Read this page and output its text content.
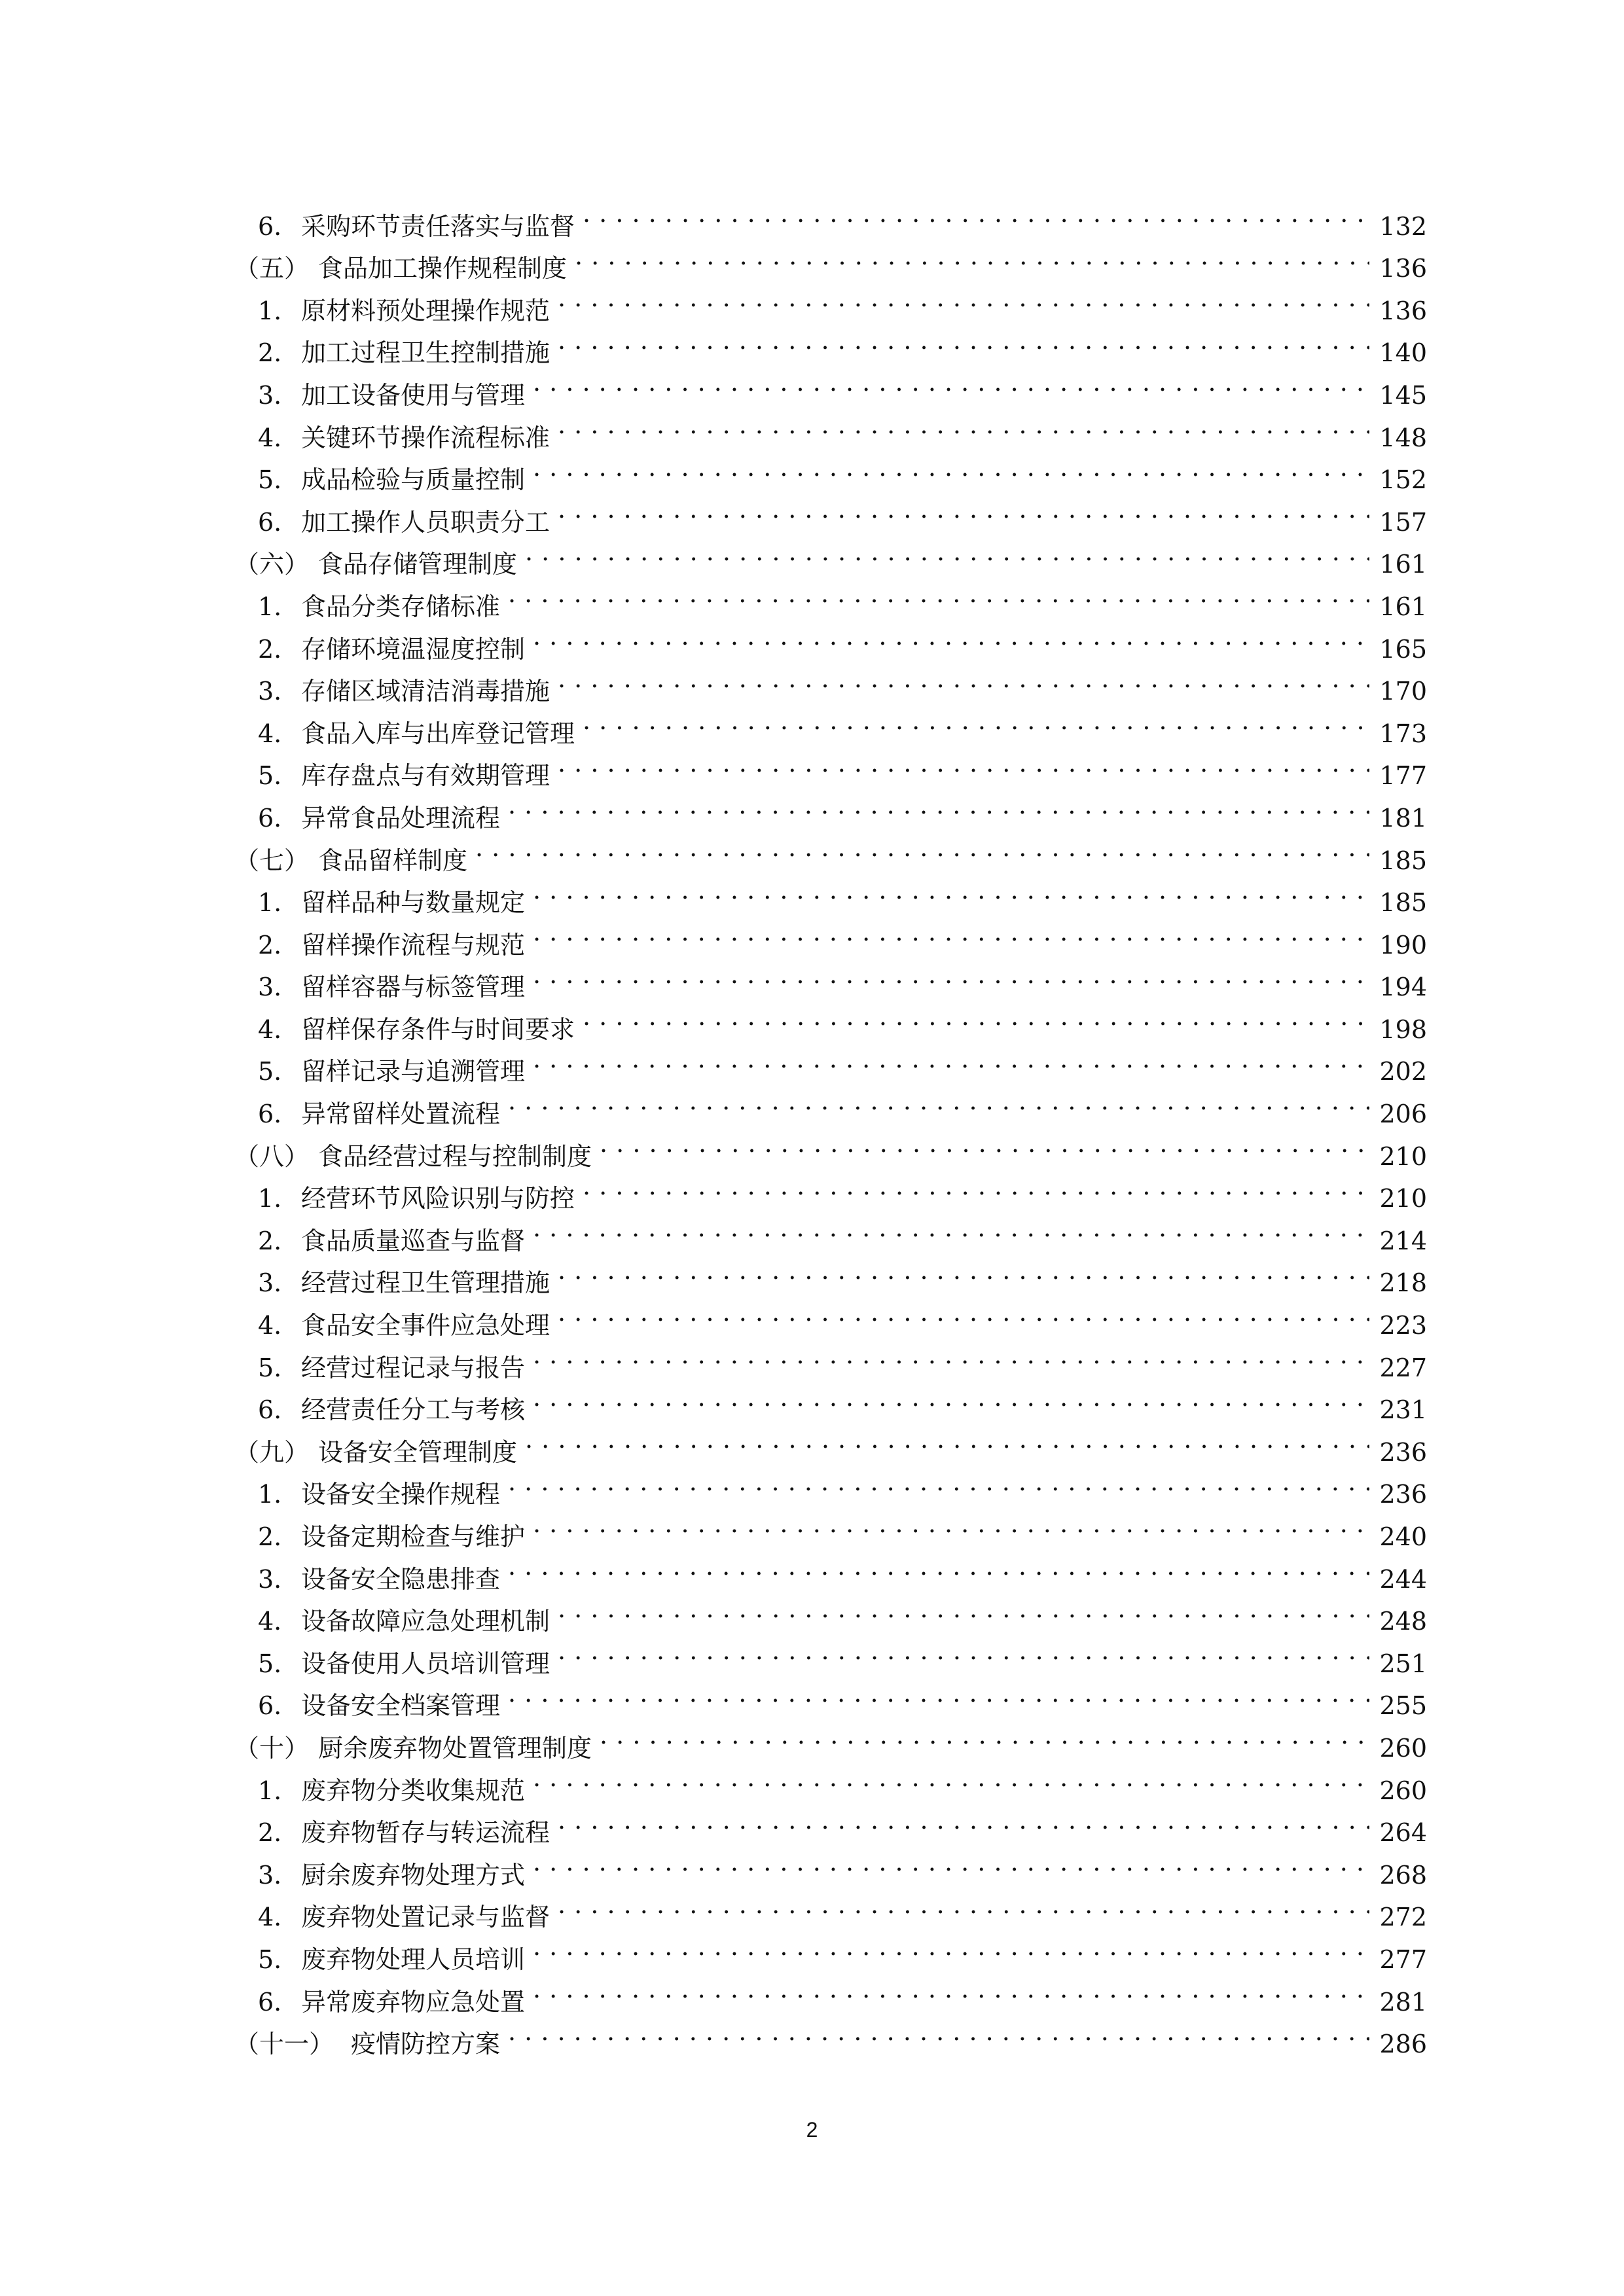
6. 采购环节责任落实与监督 . . .	132
（五） 食品加工操作规程制度 . . .	136
1. 原材料预处理操作规范 . . .	136
2. 加工过程卫生控制措施 . . .	140
3. 加工设备使用与管理 . . .	145
4. 关键环节操作流程标准 . . .	148
5. 成品检验与质量控制 . . .	152
6. 加工操作人员职责分工 . . .	157
（六） 食品存储管理制度 . . .	161
1. 食品分类存储标准 . . .	161
2. 存储环境温湿度控制 . . .	165
3. 存储区域清洁消毒措施 . . .	170
4. 食品入库与出库登记管理 . . .	173
5. 库存盘点与有效期管理 . . .	177
6. 异常食品处理流程 . . .	181
（七） 食品留样制度 . . .	185
1. 留样品种与数量规定 . . .	185
2. 留样操作流程与规范 . . .	190
3. 留样容器与标签管理 . . .	194
4. 留样保存条件与时间要求 . . .	198
5. 留样记录与追溯管理 . . .	202
6. 异常留样处置流程 . . .	206
（八） 食品经营过程与控制制度 . . .	210
1. 经营环节风险识别与防控 . . .	210
2. 食品质量巡查与监督 . . .	214
3. 经营过程卫生管理措施 . . .	218
4. 食品安全事件应急处理 . . .	223
5. 经营过程记录与报告 . . .	227
6. 经营责任分工与考核 . . .	231
（九） 设备安全管理制度 . . .	236
1. 设备安全操作规程 . . .	236
2. 设备定期检查与维护 . . .	240
3. 设备安全隐患排查 . . .	244
4. 设备故障应急处理机制 . . .	248
5. 设备使用人员培训管理 . . .	251
6. 设备安全档案管理 . . .	255
（十） 厨余废弃物处置管理制度 . . .	260
1. 废弃物分类收集规范 . . .	260
2. 废弃物暂存与转运流程 . . .	264
3. 厨余废弃物处理方式 . . .	268
4. 废弃物处置记录与监督 . . .	272
5. 废弃物处理人员培训 . . .	277
6. 异常废弃物应急处置 . . .	281
（十一） 疫情防控方案 . . .	286
2
